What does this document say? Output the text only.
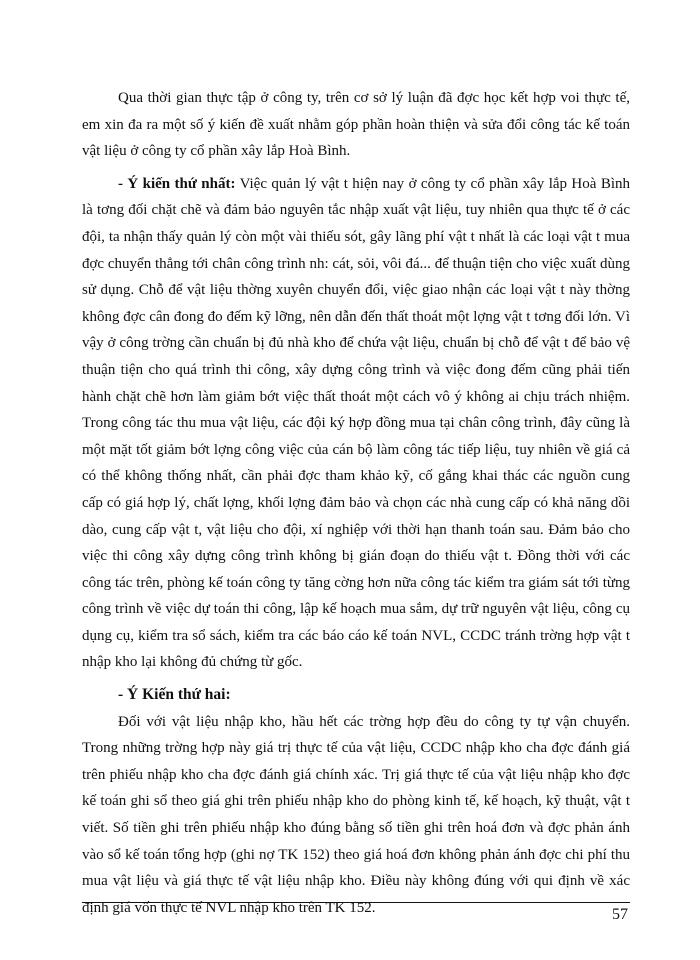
Qua thời gian thực tập ở công ty, trên cơ sở lý luận đã đợc học kết hợp voi thực tế, em xin đa ra một số ý kiến đề xuất nhằm góp phần hoàn thiện và sửa đổi công tác kế toán vật liệu ở công ty cổ phần xây lắp Hoà Bình.

- Ý kiến thứ nhất: Việc quản lý vật t hiện nay ở công ty cổ phần xây lắp Hoà Bình là tơng đối chặt chẽ và đảm bảo nguyên tắc nhập xuất vật liệu, tuy nhiên qua thực tế ở các đội, ta nhận thấy quản lý còn một vài thiếu sót, gây lãng phí vật t nhất là các loại vật t mua đợc chuyển thẳng tới chân công trình nh: cát, sỏi, vôi đá... để thuận tiện cho việc xuất dùng sử dụng. Chỗ để vật liệu thờng xuyên chuyển đổi, việc giao nhận các loại vật t này thờng không đợc cân đong đo đếm kỹ lỡng, nên dẫn đến thất thoát một lợng vật t tơng đối lớn. Vì vậy ở công trờng cần chuẩn bị đủ nhà kho để chứa vật liệu, chuẩn bị chỗ để vật t để bảo vệ thuận tiện cho quá trình thi công, xây dựng công trình và việc đong đếm cũng phải tiến hành chặt chẽ hơn làm giảm bớt việc thất thoát một cách vô ý không ai chịu trách nhiệm. Trong công tác thu mua vật liệu, các đội ký hợp đồng mua tại chân công trình, đây cũng là một mặt tốt giảm bớt lợng công việc của cán bộ làm công tác tiếp liệu, tuy nhiên về giá cả có thể không thống nhất, cần phải đợc tham khảo kỹ, cố gắng khai thác các nguồn cung cấp có giá hợp lý, chất lợng, khối lợng đảm bảo và chọn các nhà cung cấp có khả năng dồi dào, cung cấp vật t, vật liệu cho đội, xí nghiệp với thời hạn thanh toán sau. Đảm bảo cho việc thi công xây dựng công trình không bị gián đoạn do thiếu vật t. Đồng thời với các công tác trên, phòng kế toán công ty tăng cờng hơn nữa công tác kiểm tra giám sát tới từng công trình về việc dự toán thi công, lập kế hoạch mua sắm, dự trữ nguyên vật liệu, công cụ dụng cụ, kiểm tra sổ sách, kiểm tra các báo cáo kế toán NVL, CCDC tránh trờng hợp vật t nhập kho lại không đủ chứng từ gốc.

- Ý Kiến thứ hai:

Đối với vật liệu nhập kho, hầu hết các trờng hợp đều do công ty tự vận chuyển. Trong những trờng hợp này giá trị thực tế của vật liệu, CCDC nhập kho cha đợc đánh giá trên phiếu nhập kho cha đợc đánh giá chính xác. Trị giá thực tế của vật liệu nhập kho đợc kế toán ghi sổ theo giá ghi trên phiếu nhập kho do phòng kinh tế, kế hoạch, kỹ thuật, vật t viết. Số tiền ghi trên phiếu nhập kho đúng bằng số tiền ghi trên hoá đơn và đợc phản ánh vào sổ kế toán tổng hợp (ghi nợ TK 152) theo giá hoá đơn không phản ánh đợc chi phí thu mua vật liệu và giá thực tế vật liệu nhập kho. Điều này không đúng với qui định về xác định giá vốn thực tế NVL nhập kho trên TK 152.	57
